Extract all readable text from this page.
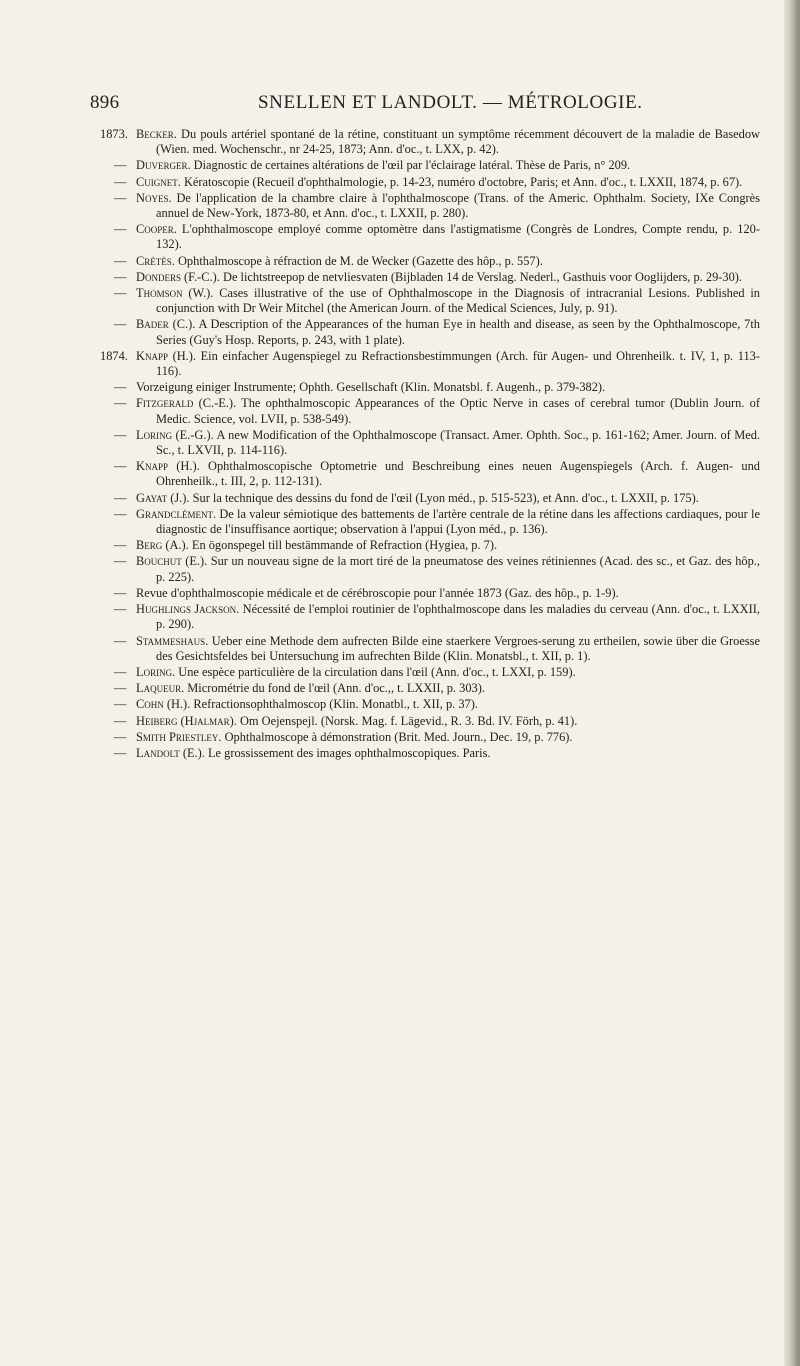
896	SNELLEN ET LANDOLT. — MÉTROLOGIE.
1873. Becker. Du pouls artériel spontané de la rétine, constituant un symptôme récemment découvert de la maladie de Basedow (Wien. med. Wochenschr., nr 24-25, 1873; Ann. d'oc., t. LXX, p. 42).
— Duverger. Diagnostic de certaines altérations de l'œil par l'éclairage latéral. Thèse de Paris, n° 209.
— Cuignet. Kératoscopie (Recueil d'ophthalmologie, p. 14-23, numéro d'octobre, Paris; et Ann. d'oc., t. LXXII, 1874, p. 67).
— Noyes. De l'application de la chambre claire à l'ophthalmoscope (Trans. of the Americ. Ophthalm. Society, IXe Congrès annuel de New-York, 1873-80, et Ann. d'oc., t. LXXII, p. 280).
— Cooper. L'ophthalmoscope employé comme optomètre dans l'astigmatisme (Congrès de Londres, Compte rendu, p. 120-132).
— Crétès. Ophthalmoscope à réfraction de M. de Wecker (Gazette des hôp., p. 557).
— Donders (F.-C.). De lichtstreepop de netvliesvaten (Bijbladen 14 de Verslag. Nederl., Gasthuis voor Ooglijders, p. 29-30).
— Thomson (W.). Cases illustrative of the use of Ophthalmoscope in the Diagnosis of intracranial Lesions. Published in conjunction with Dr Weir Mitchel (the American Journ. of the Medical Sciences, July, p. 91).
— Bader (C.). A Description of the Appearances of the human Eye in health and disease, as seen by the Ophthalmoscope, 7th Series (Guy's Hosp. Reports, p. 243, with 1 plate).
1874. Knapp (H.). Ein einfacher Augenspiegel zu Refractionsbestimmungen (Arch. für Augen- und Ohrenheilk. t. IV, 1, p. 113-116).
— Vorzeigung einiger Instrumente; Ophth. Gesellschaft (Klin. Monatsbl. f. Augenh., p. 379-382).
— Fitzgerald (C.-E.). The ophthalmoscopic Appearances of the Optic Nerve in cases of cerebral tumor (Dublin Journ. of Medic. Science, vol. LVII, p. 538-549).
— Loring (E.-G.). A new Modification of the Ophthalmoscope (Transact. Amer. Ophth. Soc., p. 161-162; Amer. Journ. of Med. Sc., t. LXVII, p. 114-116).
— Knapp (H.). Ophthalmoscopische Optometrie und Beschreibung eines neuen Augenspiegels (Arch. f. Augen- und Ohrenheilk., t. III, 2, p. 112-131).
— Gayat (J.). Sur la technique des dessins du fond de l'œil (Lyon méd., p. 515-523), et Ann. d'oc., t. LXXII, p. 175).
— Grandclément. De la valeur sémiotique des battements de l'artère centrale de la rétine dans les affections cardiaques, pour le diagnostic de l'insuffisance aortique; observation à l'appui (Lyon méd., p. 136).
— Berg (A.). En ögonspegel till bestämmande of Refraction (Hygiea, p. 7).
— Bouchut (E.). Sur un nouveau signe de la mort tiré de la pneumatose des veines rétiniennes (Acad. des sc., et Gaz. des hôp., p. 225).
— Revue d'ophthalmoscopie médicale et de cérébroscopie pour l'année 1873 (Gaz. des hôp., p. 1-9).
— Hughlings Jackson. Nécessité de l'emploi routinier de l'ophthalmoscope dans les maladies du cerveau (Ann. d'oc., t. LXXII, p. 290).
— Stammeshaus. Ueber eine Methode dem aufrecten Bilde eine staerkere Vergroes-serung zu ertheilen, sowie über die Groesse des Gesichtsfeldes bei Untersuchung im aufrechten Bilde (Klin. Monatsbl., t. XII, p. 1).
— Loring. Une espèce particulière de la circulation dans l'œil (Ann. d'oc., t. LXXI, p. 159).
— Laqueur. Micrométrie du fond de l'œil (Ann. d'oc.,, t. LXXII, p. 303).
— Cohn (H.). Refractionsophthalmoscop (Klin. Monatbl., t. XII, p. 37).
— Heiberg (Hjalmar). Om Oejenspejl. (Norsk. Mag. f. Lägevid., R. 3. Bd. IV. Förh, p. 41).
— Smith Priestley. Ophthalmoscope à démonstration (Brit. Med. Journ., Dec. 19, p. 776).
— Landolt (E.). Le grossissement des images ophthalmoscopiques. Paris.
